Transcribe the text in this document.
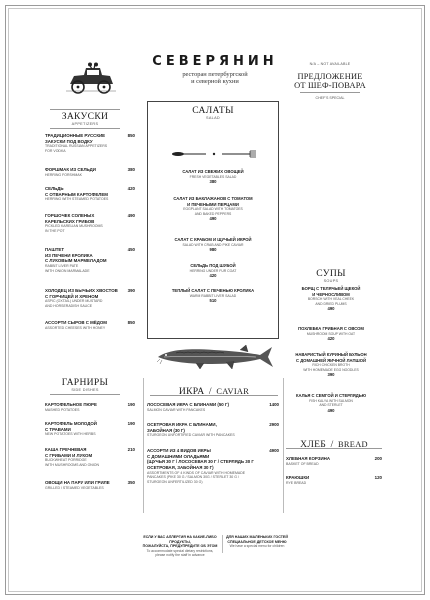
СЕВЕРЯНИН
ресторан петербургской
и северной кухни
N/A – NOT AVAILABLE
ПРЕДЛОЖЕНИЕ
ОТ ШЕФ-ПОВАРА
CHEF'S SPECIAL
ЗАКУСКИ
APPETIZERS
ТРАДИЦИОННЫЕ РУССКИЕ
ЗАКУСКИ ПОД ВОДКУ
TRADITIONAL RUSSIAN APPETIZERS
FOR VODKA
850
ФОРШМАК ИЗ СЕЛЬДИ
HERRING FORSHMAK
380
СЕЛЬДЬ
С ОТВАРНЫМ КАРТОФЕЛЕМ
HERRING WITH STEAMED POTATOES
420
ГОРШОЧЕК СОЛЕНЫХ
КАРЕЛЬСКИХ ГРИБОВ
PICKLED KARELIAN MUSHROOMS
IN THE POT
490
ПАШТЕТ
ИЗ ПЕЧЕНИ КРОЛИКА
С ЛУКОВЫМ МАРМЕЛАДОМ
RABBIT LIVER PATE
WITH ONION MARMALADE
450
ХОЛОДЕЦ ИЗ БЫЧЬИХ ХВОСТОВ
С ГОРЧИЦЕЙ И ХРЕНОМ
ASPIC (OXTAIL) UNDER MUSTARD
AND HORSERADISH SAUCE
390
АССОРТИ СЫРОВ С МЁДОМ
ASSORTED CHEESES WITH HONEY
850
САЛАТЫ
SALAD
САЛАТ ИЗ СВЕЖИХ ОВОЩЕЙ
FRESH VEGETABLES SALAD
380
САЛАТ ИЗ БАКЛАЖАНОВ С ТОМАТОМ
И ПЕЧЕНЫМИ ПЕРЦАМИ
EGGPLANT SALAD WITH TOMATOES
AND BAKED PEPPERS
490
САЛАТ С КРАБОМ И ЩУЧЬЕЙ ИКРОЙ
SALAD WITH CRAB AND PIKE CAVIAR
980
СЕЛЬДЬ ПОД ШУБОЙ
HERRING UNDER FUR COAT
420
ТЕПЛЫЙ САЛАТ С ПЕЧЕНЬЮ КРОЛИКА
WARM RABBIT LIVER SALAD
510
СУПЫ
SOUPS
БОРЩ С ТЕЛЯЧЬЕЙ ЩЕКОЙ
И ЧЕРНОСЛИВОМ
BORSCH WITH VEAL CHEEK
AND DRIED PLUMS
490
ПОХЛЕБКА ГРИБНАЯ С ОВСОМ
MUSHROOM SOUP WITH OAT
420
НАВАРИСТЫЙ КУРИНЫЙ БУЛЬОН
С ДОМАШНЕЙ ЯИЧНОЙ ЛАПШОЙ
RICH CHICKEN BROTH
WITH HOMEMADE EGG NOODLES
390
КАЛЬЯ С СЕМГОЙ И СТЕРЛЯДЬЮ
FISH KALYA WITH SALMON
AND STERLET
490
ИКРА / CAVIAR
ЛОСОСЕВАЯ ИКРА С БЛИНАМИ (50 Г)
SALMON CAVIAR WITH PANCAKES
1400
ОСЕТРОВАЯ ИКРА С БЛИНАМИ,
ЗАБОЙНАЯ (30 Г)
STURGEON UNFORTIFIED CAVIAR WITH PANCAKES
2900
АССОРТИ ИЗ 4 ВИДОВ ИКРЫ
С ДОМАШНИМИ ОЛАДЬЯМИ
(ЩУЧЬЯ 30 Г / ЛОСОСЕВАЯ 30 Г / СТЕРЛЯДЬ 30 Г
ОСЕТРОВАЯ, ЗАБОЙНАЯ 30 Г)
ASSORTMENTS OF 4 KINDS OF CAVIAR WITH HOMEMADE
PANCAKES (PIKE 30 G / SALMON 30G / STERLET 30 G /
STURGEON UNFERTILIZED 30 G)
4900
ГАРНИРЫ
SIDE DISHES
КАРТОФЕЛЬНОЕ ПЮРЕ
MASHED POTATOES
190
КАРТОФЕЛЬ МОЛОДОЙ
С ТРАВАМИ
NEW POTATOES WITH HERBS
190
КАША ГРЕЧНЕВАЯ
С ГРИБАМИ И ЛУКОМ
BUCKWHEAT PORRIDGE
WITH MUSHROOMS AND ONION
210
ОВОЩИ НА ПАРУ ИЛИ ГРИЛЕ
GRILLED / STEAMED VEGETABLES
350
ХЛЕБ / BREAD
ХЛЕБНАЯ КОРЗИНА
BASKET OF BREAD
200
КРАЮШКИ
RYE BREAD
120
ЕСЛИ У ВАС АЛЛЕРГИЯ НА КАКИЕ-ЛИБО ПРОДУКТЫ,
ПОЖАЛУЙСТА, ПРЕДУПРЕДИТЕ ОБ ЭТОМ
To accommodate special dietary restrictions,
please notify the staff in advance
ДЛЯ НАШИХ МАЛЕНЬКИХ ГОСТЕЙ
СПЕЦИАЛЬНОЕ ДЕТСКОЕ МЕНЮ
We have a special menu for children
